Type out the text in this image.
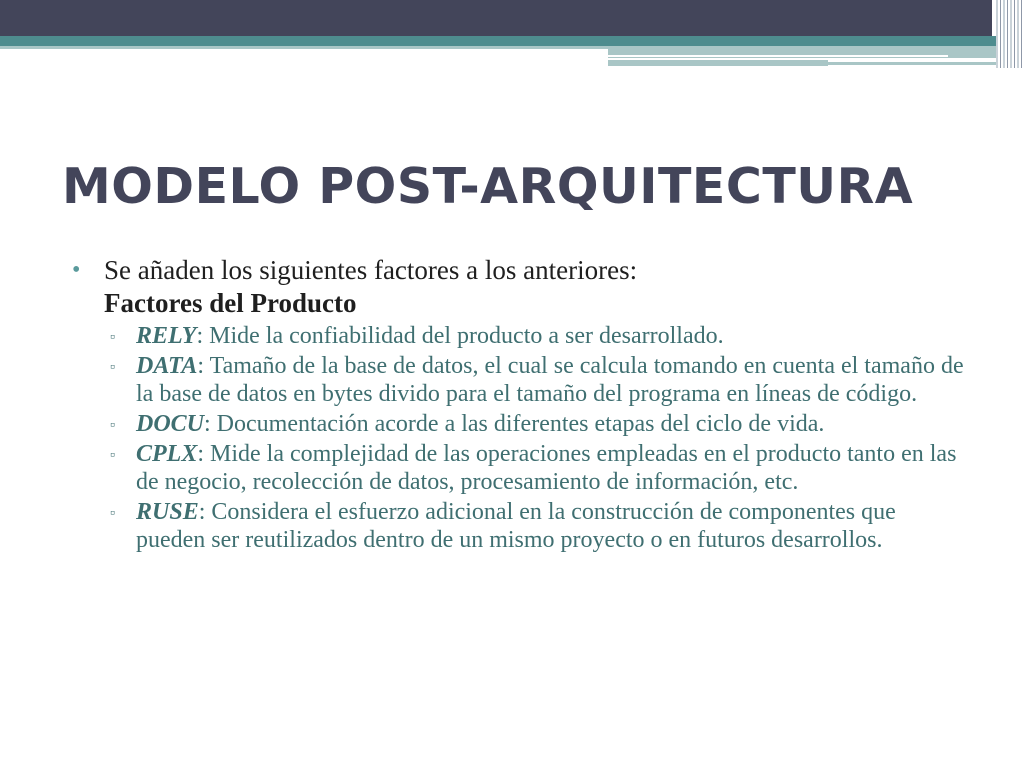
MODELO POST-ARQUITECTURA
• Se añaden los siguientes factores a los anteriores:
Factores del Producto
▫ RELY: Mide la confiabilidad del producto a ser desarrollado.
▫ DATA: Tamaño de la base de datos, el cual se calcula tomando en cuenta el tamaño de la base de datos en bytes divido para el tamaño del programa en líneas de código.
▫ DOCU: Documentación acorde a las diferentes etapas del ciclo de vida.
▫ CPLX: Mide la complejidad de las operaciones empleadas en el producto tanto en las de negocio, recolección de datos, procesamiento de información, etc.
▫ RUSE: Considera el esfuerzo adicional en la construcción de componentes que pueden ser reutilizados dentro de un mismo proyecto o en futuros desarrollos.
